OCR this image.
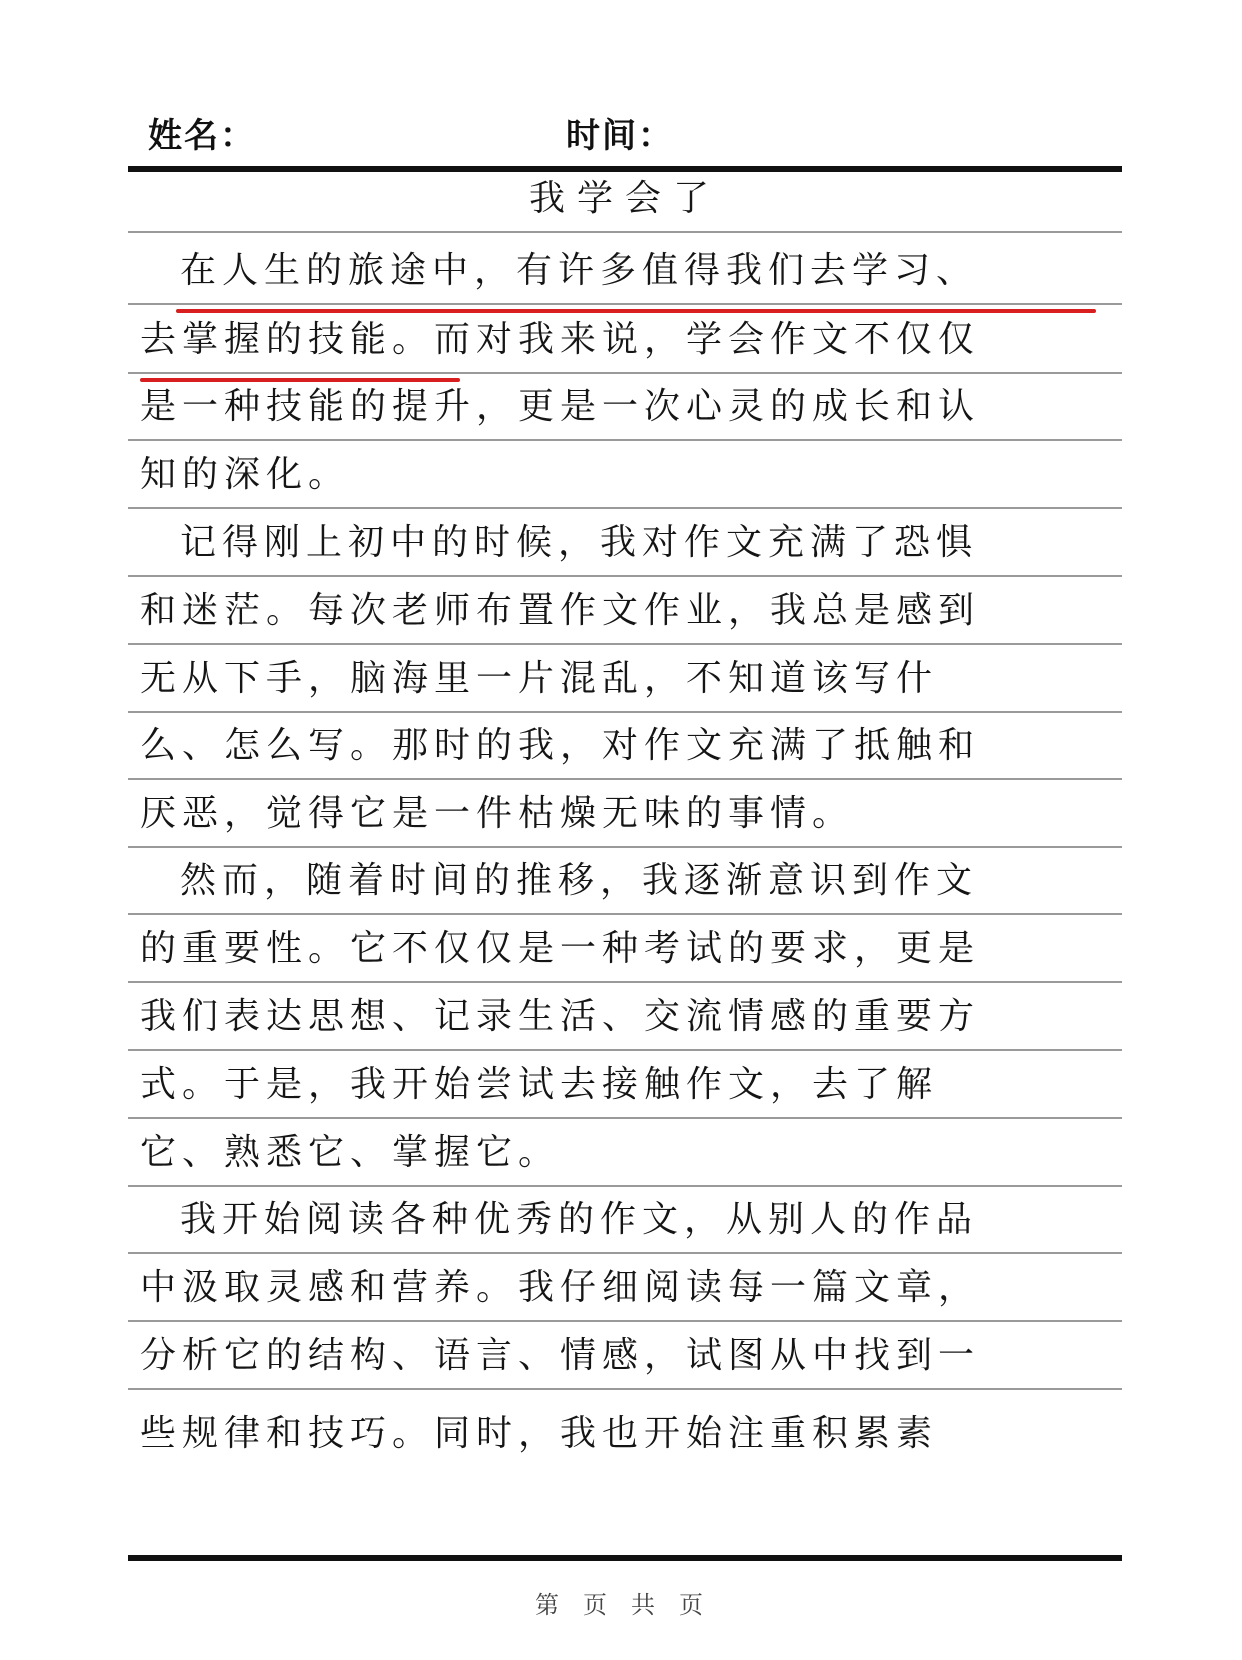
姓名：	时间：
我学会了
在人生的旅途中，有许多值得我们去学习、
去掌握的技能。而对我来说，学会作文不仅仅
是一种技能的提升，更是一次心灵的成长和认
知的深化。
记得刚上初中的时候，我对作文充满了恐惧
和迷茫。每次老师布置作文作业，我总是感到
无从下手，脑海里一片混乱，不知道该写什
么、怎么写。那时的我，对作文充满了抵触和
厌恶，觉得它是一件枯燥无味的事情。
然而，随着时间的推移，我逐渐意识到作文
的重要性。它不仅仅是一种考试的要求，更是
我们表达思想、记录生活、交流情感的重要方
式。于是，我开始尝试去接触作文，去了解
它、熟悉它、掌握它。
我开始阅读各种优秀的作文，从别人的作品
中汲取灵感和营养。我仔细阅读每一篇文章，
分析它的结构、语言、情感，试图从中找到一
些规律和技巧。同时，我也开始注重积累素
第 页 共 页
